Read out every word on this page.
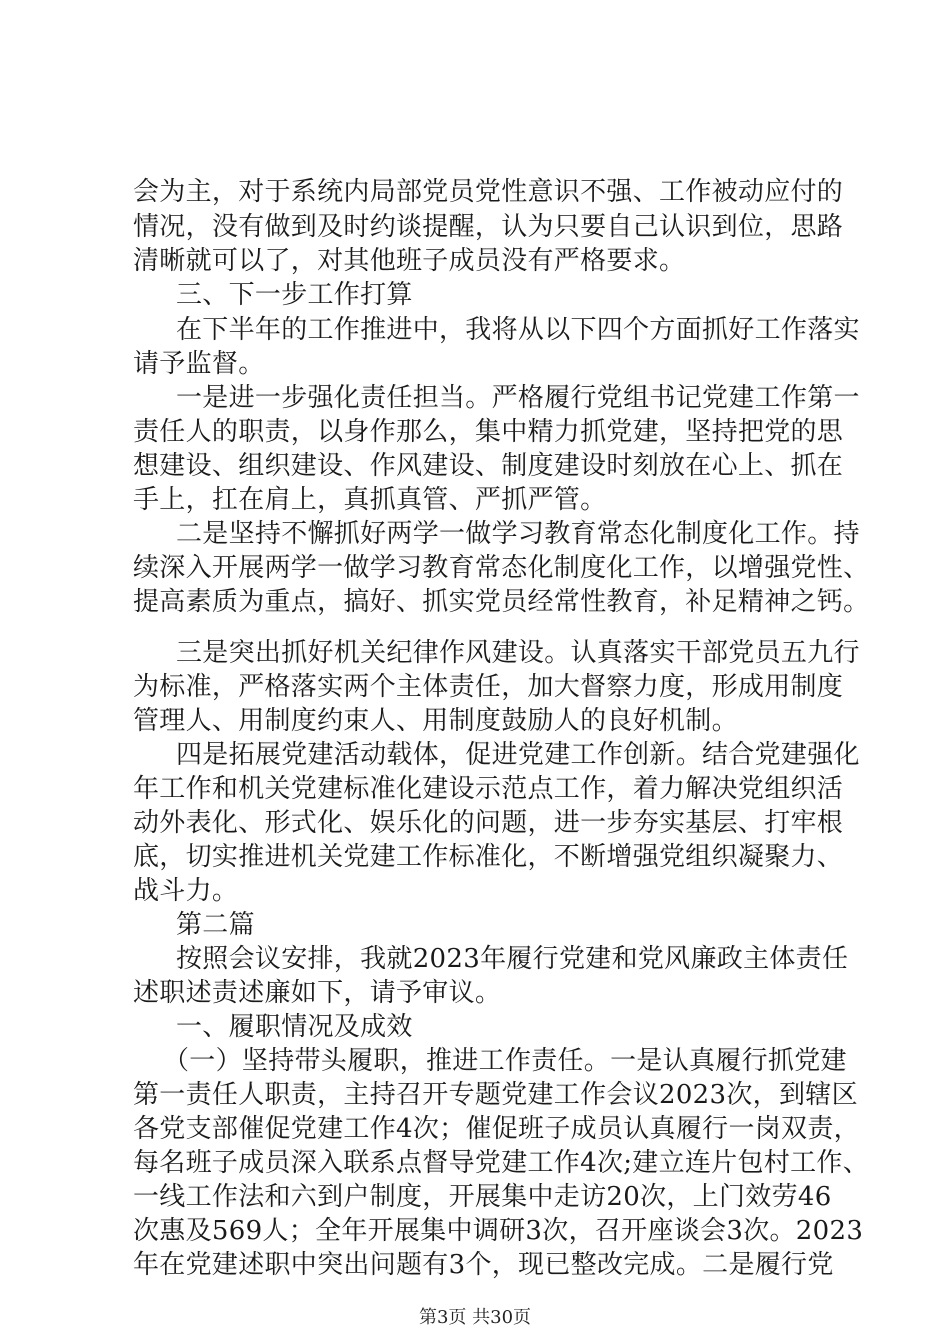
会为主，对于系统内局部党员党性意识不强、工作被动应付的
情况，没有做到及时约谈提醒，认为只要自己认识到位，思路
清晰就可以了，对其他班子成员没有严格要求。
三、下一步工作打算
在下半年的工作推进中，我将从以下四个方面抓好工作落实
请予监督。
一是进一步强化责任担当。严格履行党组书记党建工作第一
责任人的职责，以身作那么，集中精力抓党建，坚持把党的思
想建设、组织建设、作风建设、制度建设时刻放在心上、抓在
手上，扛在肩上，真抓真管、严抓严管。
二是坚持不懈抓好两学一做学习教育常态化制度化工作。持
续深入开展两学一做学习教育常态化制度化工作，以增强党性、
提高素质为重点，搞好、抓实党员经常性教育，补足精神之钙。
三是突出抓好机关纪律作风建设。认真落实干部党员五九行
为标准，严格落实两个主体责任，加大督察力度，形成用制度
管理人、用制度约束人、用制度鼓励人的良好机制。
四是拓展党建活动载体，促进党建工作创新。结合党建强化
年工作和机关党建标准化建设示范点工作，着力解决党组织活
动外表化、形式化、娱乐化的问题，进一步夯实基层、打牢根
底，切实推进机关党建工作标准化，不断增强党组织凝聚力、
战斗力。
第二篇
按照会议安排，我就2023年履行党建和党风廉政主体责任
述职述责述廉如下，请予审议。
一、履职情况及成效
（一）坚持带头履职，推进工作责任。一是认真履行抓党建
第一责任人职责，主持召开专题党建工作会议2023次，到辖区
各党支部催促党建工作4次；催促班子成员认真履行一岗双责，
每名班子成员深入联系点督导党建工作4次;建立连片包村工作、
一线工作法和六到户制度，开展集中走访20次，上门效劳46
次惠及569人；全年开展集中调研3次，召开座谈会3次。2023
年在党建述职中突出问题有3个，现已整改完成。二是履行党
第3页 共30页
